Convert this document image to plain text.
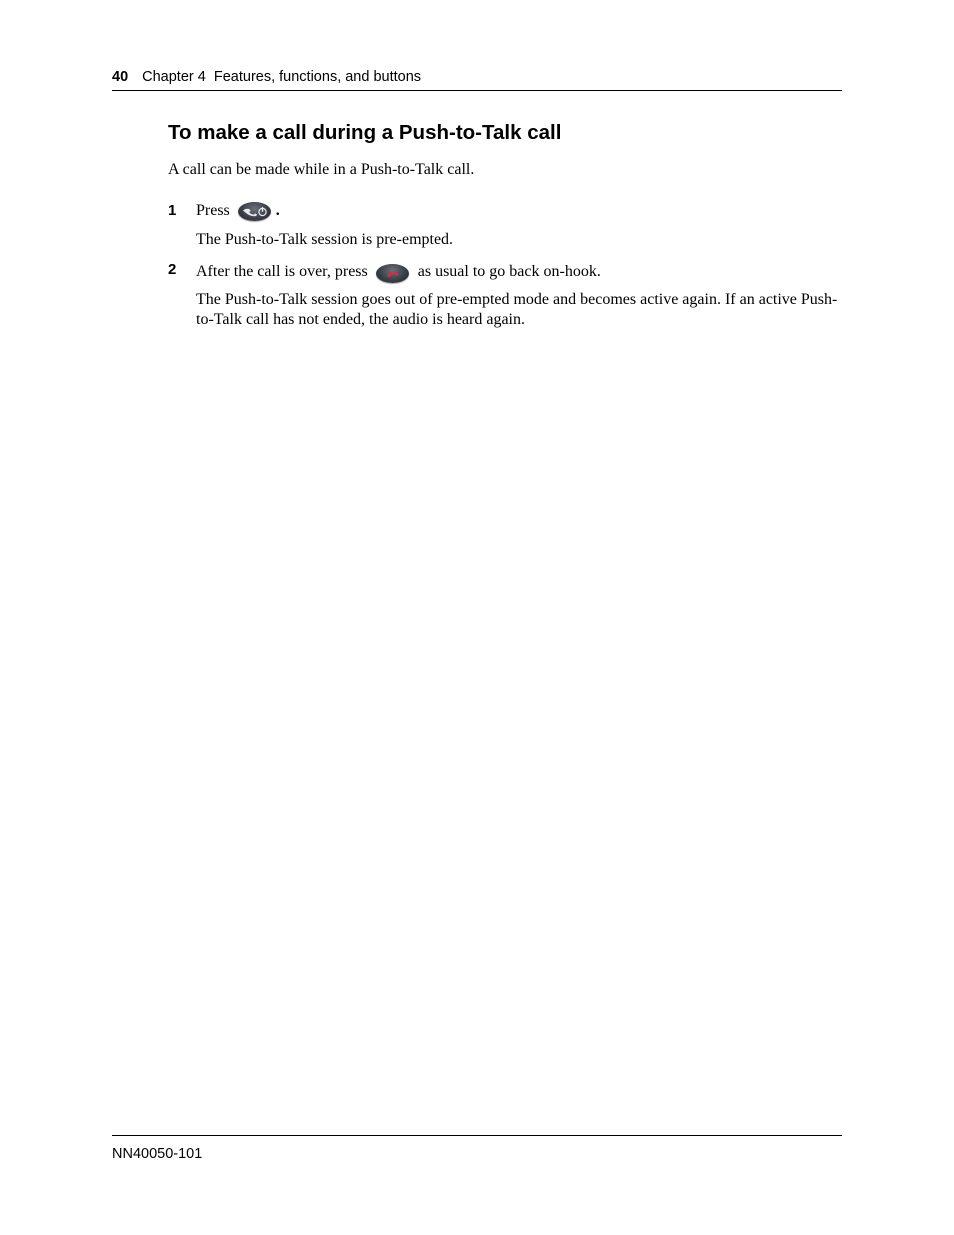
40 Chapter 4  Features, functions, and buttons
To make a call during a Push-to-Talk call

A call can be made while in a Push-to-Talk call.

1 Press	.

The Push-to-Talk session is pre-empted.

2 After the call is over, press	as usual to go back on-hook.

The Push-to-Talk session goes out of pre-empted mode and becomes active again. If an active Push-to-Talk call has not ended, the audio is heard again.

NN40050-101
